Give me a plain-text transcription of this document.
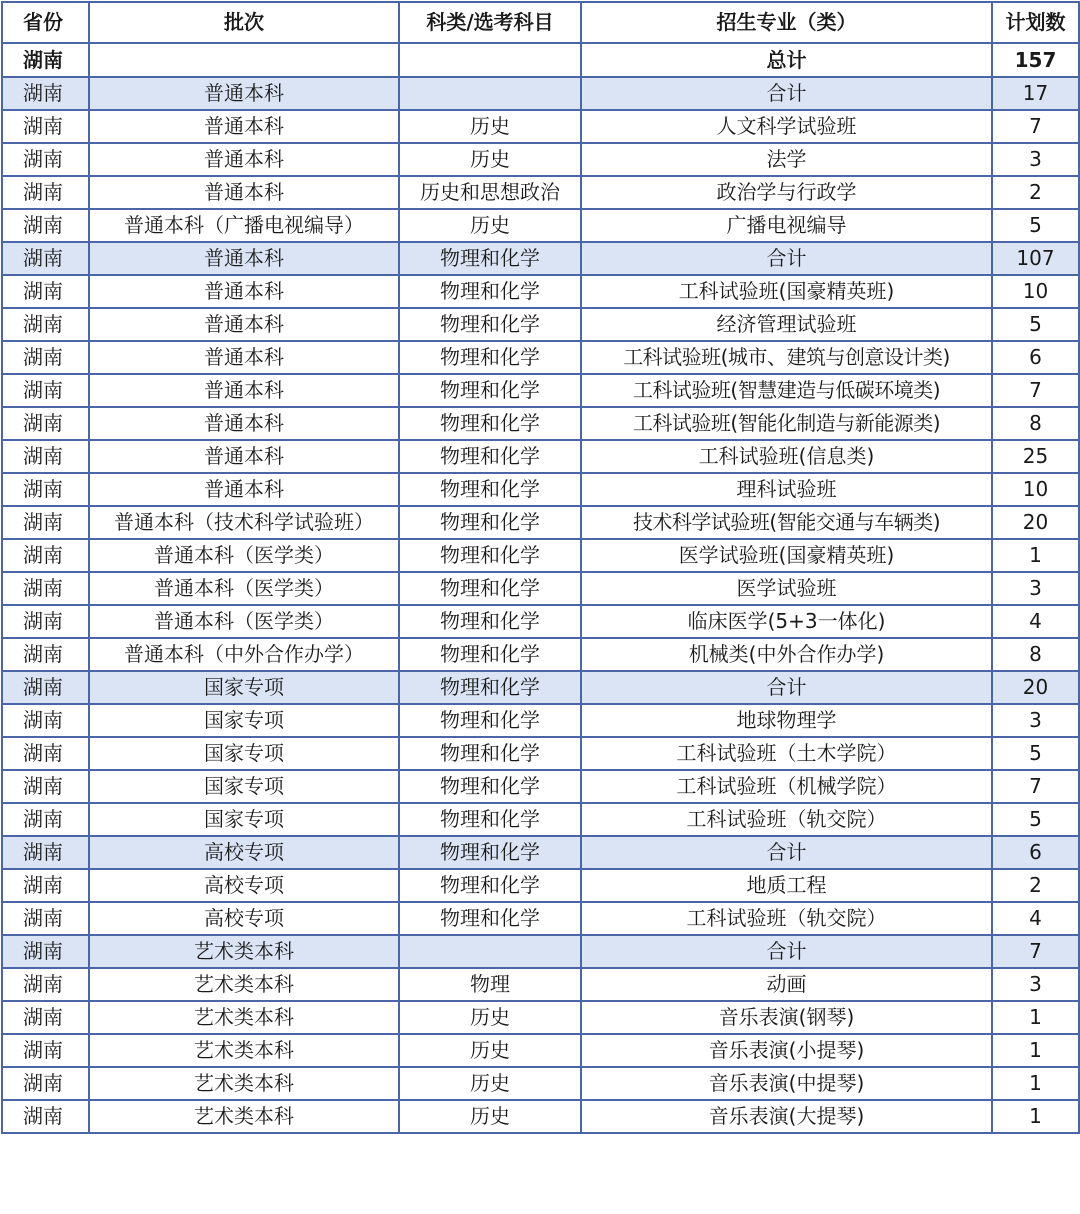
省份	批次	科类/选考科目	招生专业（类）	计划数
湖南			总计	157
湖南	普通本科		合计	17
湖南	普通本科	历史	人文科学试验班	7
湖南	普通本科	历史	法学	3
湖南	普通本科	历史和思想政治	政治学与行政学	2
湖南	普通本科（广播电视编导）	历史	广播电视编导	5
湖南	普通本科	物理和化学	合计	107
湖南	普通本科	物理和化学	工科试验班(国豪精英班)	10
湖南	普通本科	物理和化学	经济管理试验班	5
湖南	普通本科	物理和化学	工科试验班(城市、建筑与创意设计类)	6
湖南	普通本科	物理和化学	工科试验班(智慧建造与低碳环境类)	7
湖南	普通本科	物理和化学	工科试验班(智能化制造与新能源类)	8
湖南	普通本科	物理和化学	工科试验班(信息类)	25
湖南	普通本科	物理和化学	理科试验班	10
湖南	普通本科（技术科学试验班）	物理和化学	技术科学试验班(智能交通与车辆类)	20
湖南	普通本科（医学类）	物理和化学	医学试验班(国豪精英班)	1
湖南	普通本科（医学类）	物理和化学	医学试验班	3
湖南	普通本科（医学类）	物理和化学	临床医学(5+3一体化)	4
湖南	普通本科（中外合作办学）	物理和化学	机械类(中外合作办学)	8
湖南	国家专项	物理和化学	合计	20
湖南	国家专项	物理和化学	地球物理学	3
湖南	国家专项	物理和化学	工科试验班（土木学院）	5
湖南	国家专项	物理和化学	工科试验班（机械学院）	7
湖南	国家专项	物理和化学	工科试验班（轨交院）	5
湖南	高校专项	物理和化学	合计	6
湖南	高校专项	物理和化学	地质工程	2
湖南	高校专项	物理和化学	工科试验班（轨交院）	4
湖南	艺术类本科		合计	7
湖南	艺术类本科	物理	动画	3
湖南	艺术类本科	历史	音乐表演(钢琴)	1
湖南	艺术类本科	历史	音乐表演(小提琴)	1
湖南	艺术类本科	历史	音乐表演(中提琴)	1
湖南	艺术类本科	历史	音乐表演(大提琴)	1
